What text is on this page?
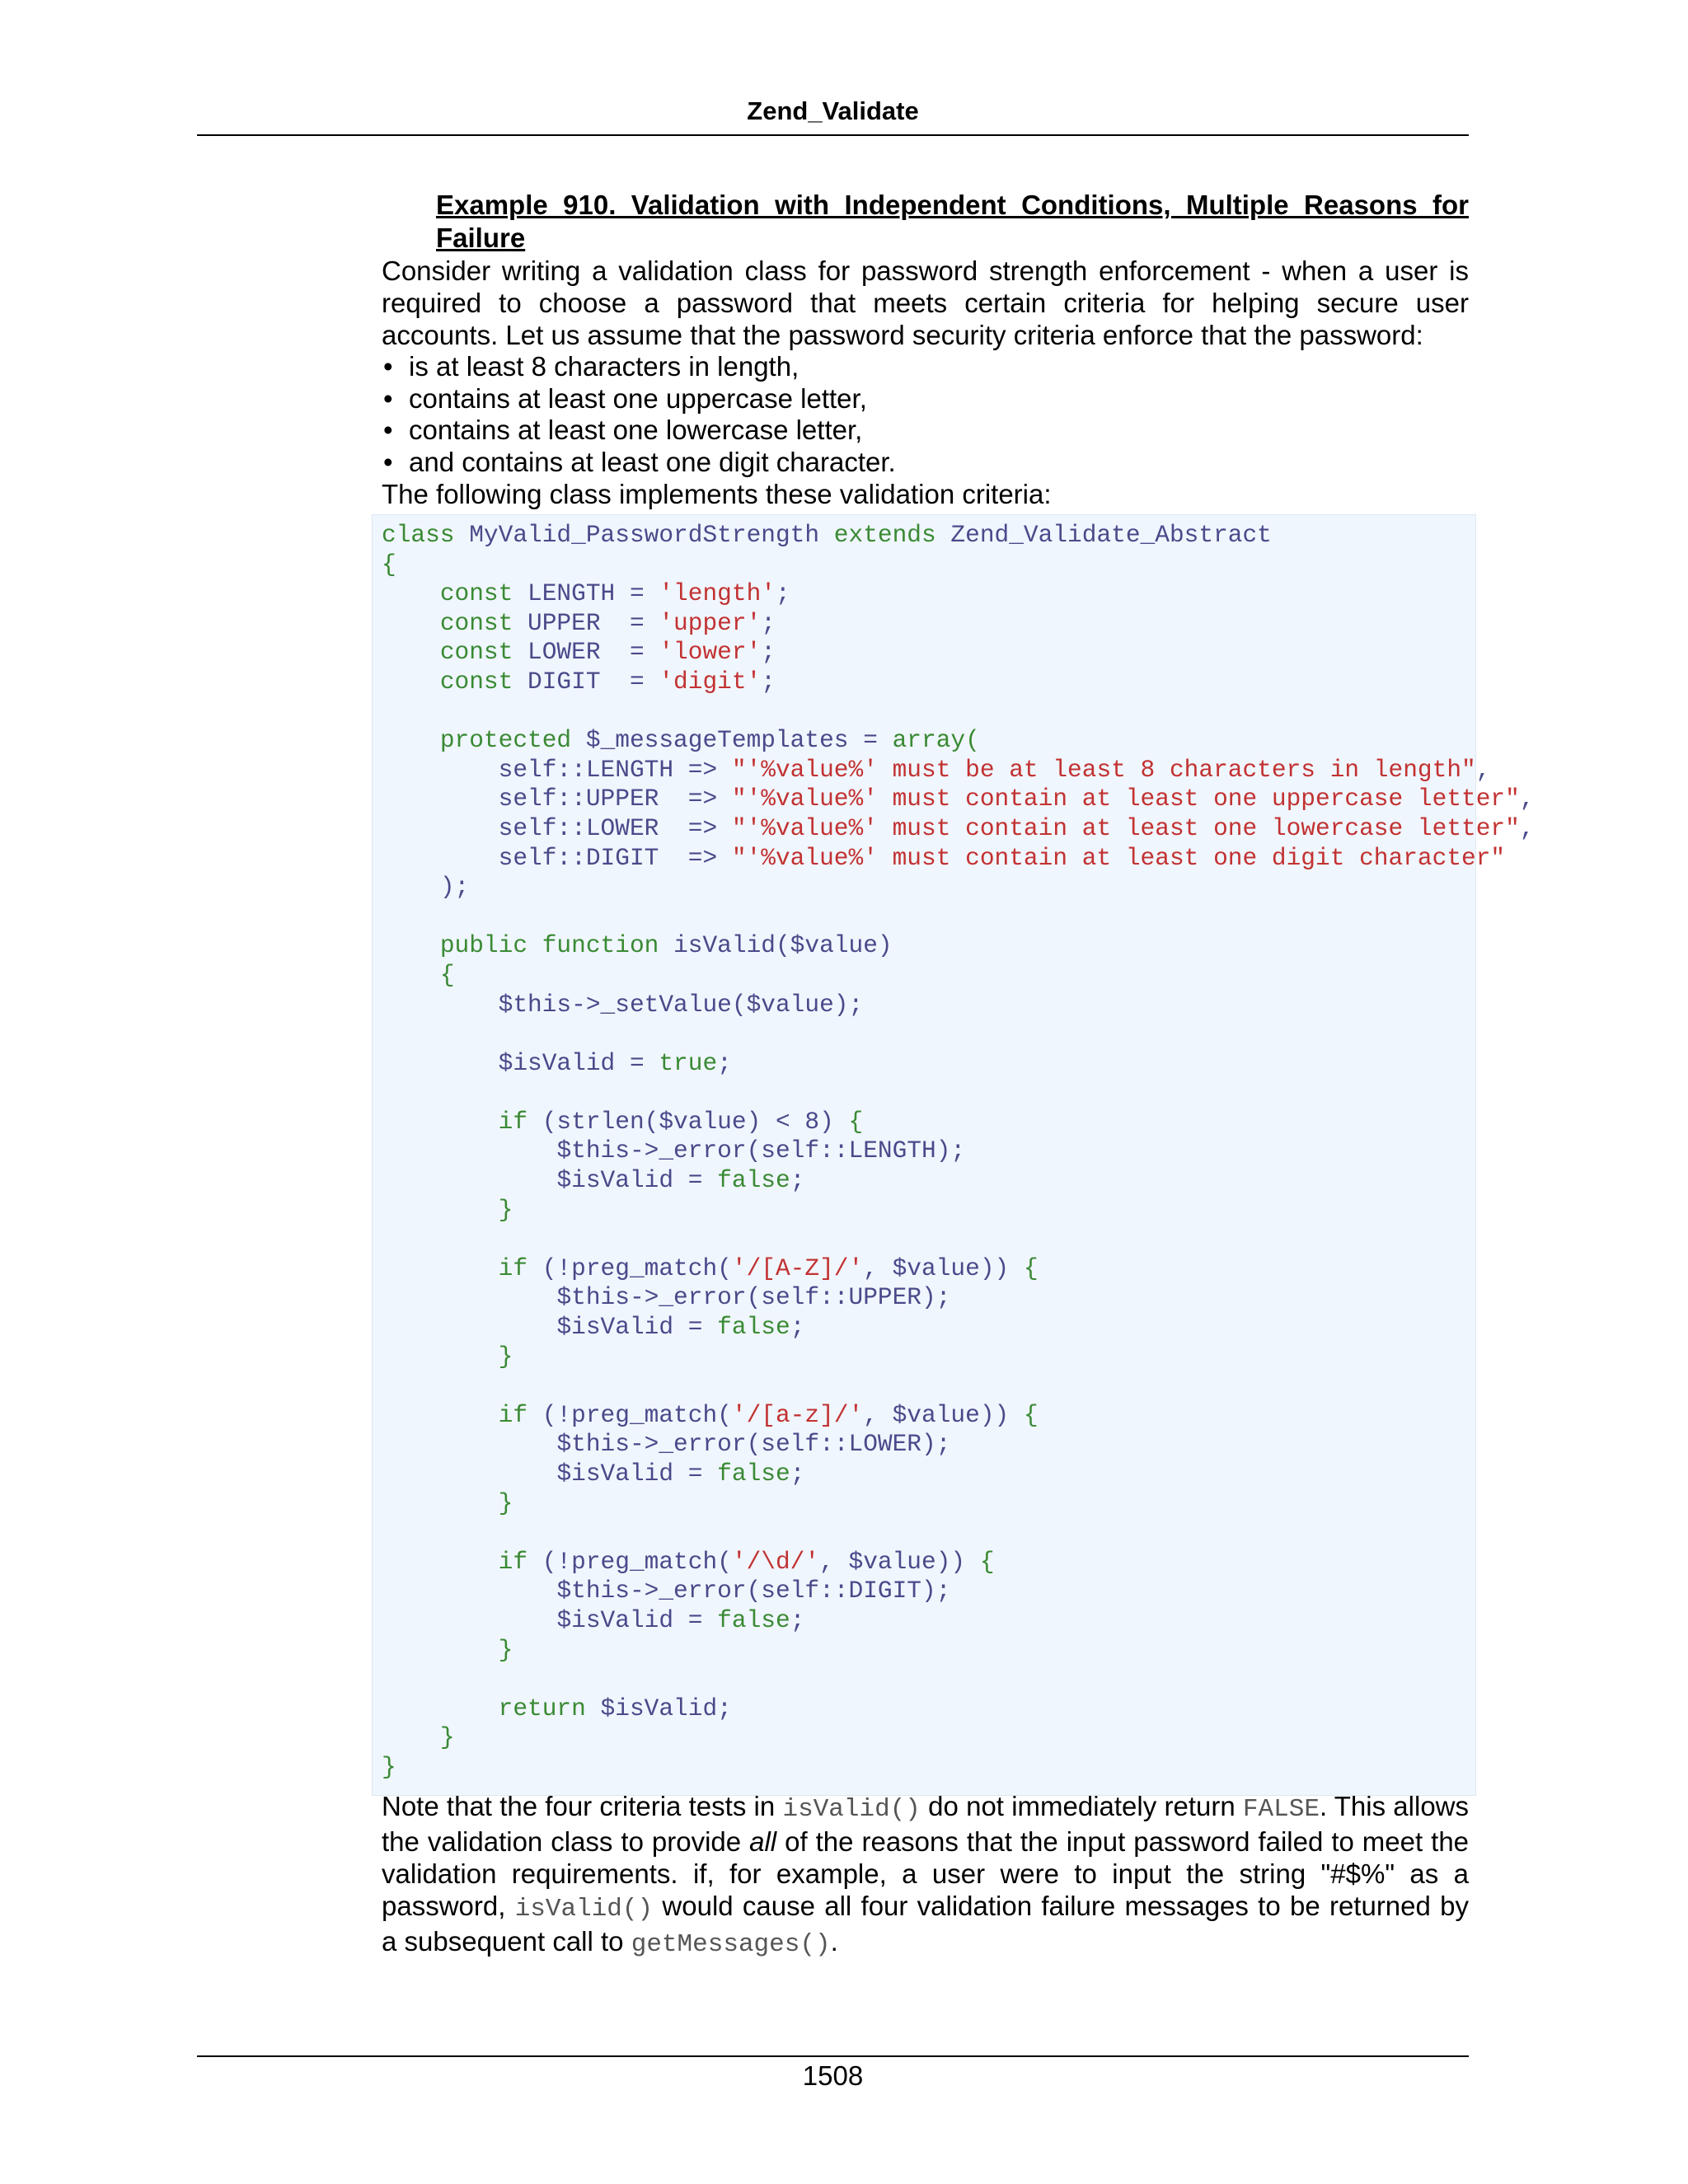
Zend_Validate
Example 910. Validation with Independent Conditions, Multiple Reasons for Failure
Consider writing a validation class for password strength enforcement - when a user is required to choose a password that meets certain criteria for helping secure user accounts. Let us assume that the password security criteria enforce that the password:
• is at least 8 characters in length,
• contains at least one uppercase letter,
• contains at least one lowercase letter,
• and contains at least one digit character.
The following class implements these validation criteria:
class MyValid_PasswordStrength extends Zend_Validate_Abstract
{
const LENGTH = 'length';
const UPPER = 'upper';
const LOWER = 'lower';
const DIGIT = 'digit';

protected $_messageTemplates = array(
self::LENGTH => "'%value%' must be at least 8 characters in length",
self::UPPER => "'%value%' must contain at least one uppercase letter",
self::LOWER => "'%value%' must contain at least one lowercase letter",
self::DIGIT => "'%value%' must contain at least one digit character"
);

public function isValid($value)
{
$this->_setValue($value);

$isValid = true;

if (strlen($value) < 8) {
$this->_error(self::LENGTH);
$isValid = false;
}

if (!preg_match('/[A-Z]/', $value)) {
$this->_error(self::UPPER);
$isValid = false;
}

if (!preg_match('/[a-z]/', $value)) {
$this->_error(self::LOWER);
$isValid = false;
}

if (!preg_match('/\d/', $value)) {
$this->_error(self::DIGIT);
$isValid = false;
}

return $isValid;
}
}
Note that the four criteria tests in isValid() do not immediately return FALSE. This allows the validation class to provide all of the reasons that the input password failed to meet the validation requirements. if, for example, a user were to input the string "#$%" as a password, isValid() would cause all four validation failure messages to be returned by a subsequent call to getMessages().
1508
